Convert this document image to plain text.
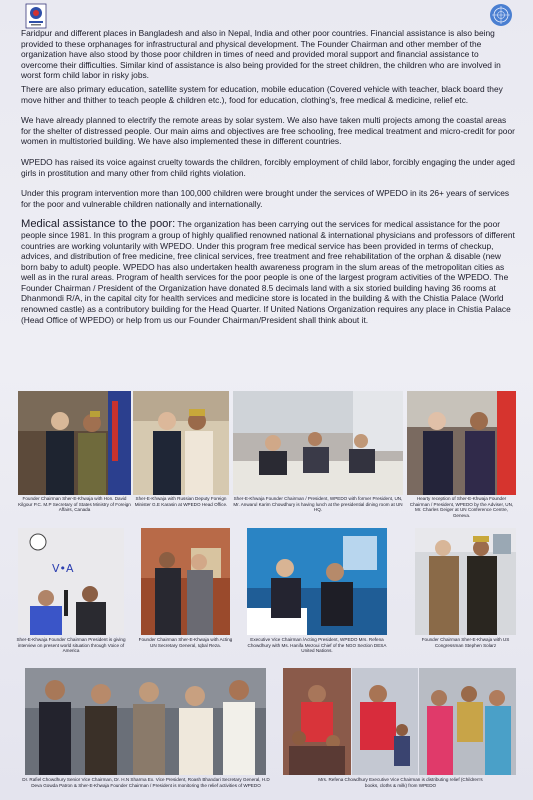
Faridpur and different places in Bangladesh and also in Nepal, India and other poor countries. Financial assistance is also being provided to these orphanages for infrastructural and physical development. The Founder Chairman and other member of the organization have also stood by those poor children in times of need and provided moral support and financial assistance to overcome their difficulties. Similar kind of assistance is also being provided for the street children, the children who are involved in worst form child labor in risky jobs.

There are also primary education, satellite system for education, mobile education (Covered vehicle with teacher, black board they move hither and thither to teach people & children etc.), food for education, clothing's, free medical & medicine, relief etc.

We have already planned to electrify the remote areas by solar system. We also have taken multi projects among the coastal areas for the shelter of distressed people. Our main aims and objectives are free schooling, free medical treatment and micro-credit for poor women in multistoried building. We have also implemented these in different countries.

WPEDO has raised its voice against cruelty towards the children, forcibly employment of child labor, forcibly engaging the under aged girls in prostitution and many other from child rights violation.

Under this program intervention more than 100,000 children were brought under the services of WPEDO in its 26+ years of services for the poor and vulnerable children nationally and internationally.

Medical assistance to the poor: The organization has been carrying out the services for medical assistance for the poor people since 1981. In this program a group of highly qualified renowned national & international physicians and professors of different countries are working voluntarily with WPEDO. Under this program free medical service has been provided in terms of checkup, advices, and distribution of free medicine, free clinical services, free treatment and free rehabilitation of the orphan & disable (new born baby to adult) people. WPEDO has also undertaken health awareness program in the slum areas of the metropolitan cities as well as in the rural areas. Program of health services for the poor people is one of the largest program activities of the WPEDO. The Founder Chairman / President of the Organization have donated 8.5 decimals land with a six storied building having 36 rooms at Dhanmondi R/A, in the capital city for health services and medicine store is located in the building & with the Chistia Palace (World renowned castle) as a contributory building for the Head Quarter. If United Nations Organization requires any place in Chistia Palace (Head Office of WPEDO) or help from us our Founder Chairman/President shall think about it.

Founder Chairman Sher-E-Khwaja with Hon. David Kilgour P.C. M.P Secretary of States Ministry of Foreign Affairs, Canada
Sher-E-Khwaja with Russian Deputy Foreign Minister G.E Karasin at WPEDO Head Office.
Sher-E-Khwaja Founder Chairman / President, WPEDO with former President, UN, Mr. Anwarul Karim Chowdhury is having lunch at the presidential dining room at UN HQ.
Hearty reception of Sher-E-Khwaja Founder Chairman / President, WPEDO by the Adviser, UN, Mr. Charles Geiger at UN Conference Centre, Geneva.
V•A
Sher-E-Khwaja Founder Chairman President is giving interview on present world situation through Voice of America
Founder Chairman Sher-E-Khwaja with Acting UN Secretary General, Iqbal Reza.
Executive Vice Chairman /Acting President, WPEDO Mrs. Refena Chowdhury with Ms. Hanifa Mezoui Chief of the NGO Section DESA United Nations.
Founder Chairman Sher-E-Khwaja with US Congressman Stephen Solarz
Dr. Rafiel Chowdhury Senior Vice Chairman, Dr. H.N Sharma Ex. Vice President, Roash Bhandari Secretary General, H.D Deva Gowda Patron & Sher-E-Khwaja Founder Chairman / President is monitoring the relief activities of WPEDO
Mrs. Refena Chowdhury Executive Vice Chairman is distributing relief (Children's books, cloths & milk) from WPEDO
